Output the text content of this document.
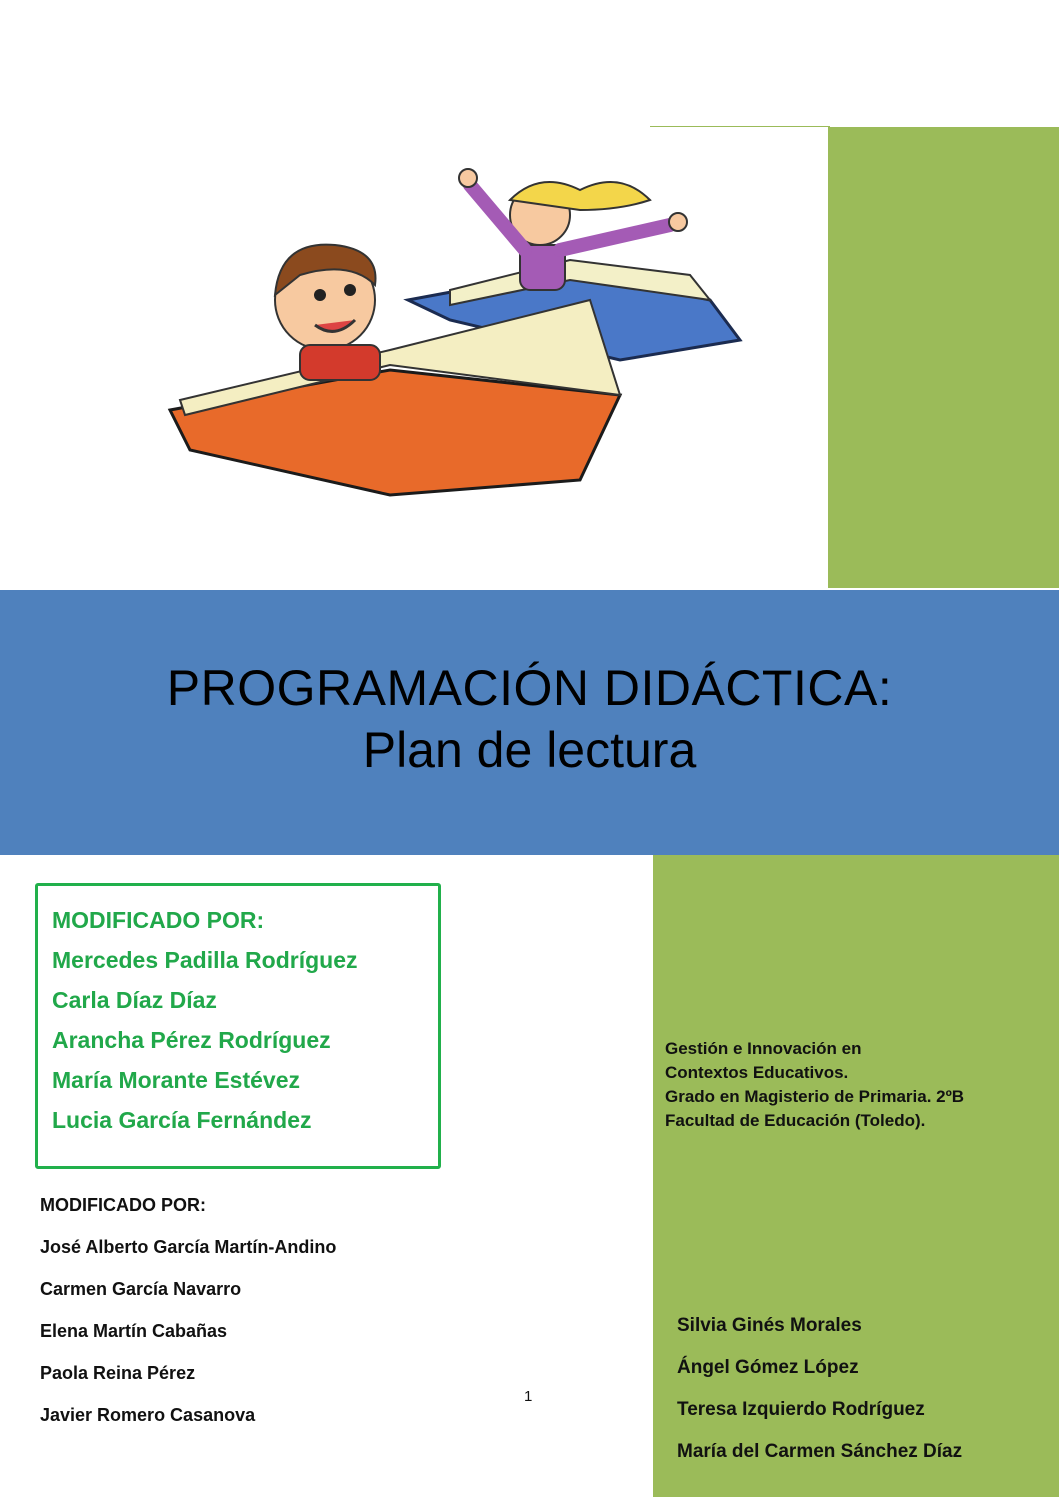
PROGRAMACIÓN DIDÁCTICA:
Plan de lectura
Gestión e Innovación en
Contextos Educativos.
Grado en Magisterio de Primaria. 2ºB
Facultad de Educación (Toledo).
Silvia Ginés Morales
Ángel Gómez López
Teresa Izquierdo Rodríguez
María del Carmen Sánchez Díaz
MODIFICADO POR:
Mercedes Padilla Rodríguez
Carla Díaz Díaz
Arancha Pérez Rodríguez
María Morante Estévez
Lucia García Fernández
MODIFICADO POR:
José Alberto García Martín-Andino
Carmen García Navarro
Elena Martín Cabañas
Paola Reina Pérez
Javier Romero Casanova
1
